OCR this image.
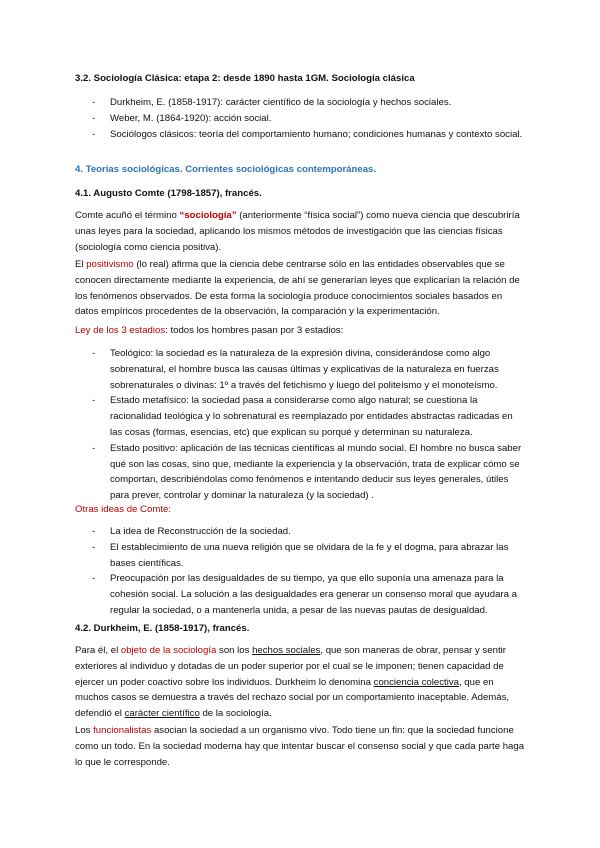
3.2. Sociología Clásica: etapa 2: desde 1890 hasta 1GM. Sociología clásica

- Durkheim, E. (1858-1917): carácter científico de la sociología y hechos sociales.
- Weber, M. (1864-1920): acción social.
- Sociólogos clásicos: teoría del comportamiento humano; condiciones humanas y contexto social.

4. Teorías sociológicas. Corrientes sociológicas contemporáneas.

4.1. Augusto Comte (1798-1857), francés.

Comte acuñó el término “sociología” (anteriormente “física social”) como nueva ciencia que descubriría unas leyes para la sociedad, aplicando los mismos métodos de investigación que las ciencias físicas (sociología como ciencia positiva).

El positivismo (lo real) afirma que la ciencia debe centrarse sólo en las entidades observables que se conocen directamente mediante la experiencia, de ahí se generarían leyes que explicarían la relación de los fenómenos observados. De esta forma la sociología produce conocimientos sociales basados en datos empíricos procedentes de la observación, la comparación y la experimentación.

Ley de los 3 estadios: todos los hombres pasan por 3 estadios:

- Teológico: la sociedad es la naturaleza de la expresión divina, considerándose como algo sobrenatural, el hombre busca las causas últimas y explicativas de la naturaleza en fuerzas sobrenaturales o divinas: 1º a través del fetichismo y luego del politeísmo y el monoteísmo.
- Estado metafísico: la sociedad pasa a considerarse como algo natural; se cuestiona la racionalidad teológica y lo sobrenatural es reemplazado por entidades abstractas radicadas en las cosas (formas, esencias, etc) que explican su porqué y determinan su naturaleza.
- Estado positivo: aplicación de las técnicas científicas al mundo social. El hombre no busca saber qué son las cosas, sino que, mediante la experiencia y la observación, trata de explicar cómo se comportan, describiéndolas como fenómenos e intentando deducir sus leyes generales, útiles para prever, controlar y dominar la naturaleza (y la sociedad) .

Otras ideas de Comte:

- La idea de Reconstrucción de la sociedad.
- El establecimiento de una nueva religión que se olvidara de la fe y el dogma, para abrazar las bases científicas.
- Preocupación por las desigualdades de su tiempo, ya que ello suponía una amenaza para la cohesión social. La solución a las desigualdades era generar un consenso moral que ayudara a regular la sociedad, o a mantenerla unida, a pesar de las nuevas pautas de desigualdad.

4.2. Durkheim, E. (1858-1917), francés.

Para él, el objeto de la sociología son los hechos sociales, que son maneras de obrar, pensar y sentir exteriores al individuo y dotadas de un poder superior por el cual se le imponen; tienen capacidad de ejercer un poder coactivo sobre los individuos. Durkheim lo denomina conciencia colectiva, que en muchos casos se demuestra a través del rechazo social por un comportamiento inaceptable. Además, defendió el carácter científico de la sociología.

Los funcionalistas asocian la sociedad a un organismo vivo. Todo tiene un fin: que la sociedad funcione como un todo. En la sociedad moderna hay que intentar buscar el consenso social y que cada parte haga lo que le corresponde.
